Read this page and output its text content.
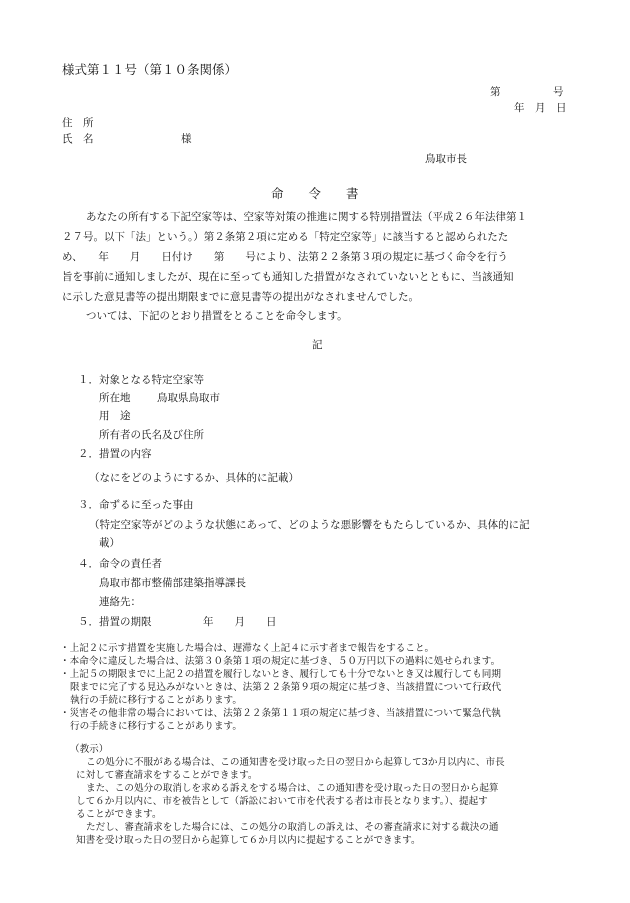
様式第１１号（第１０条関係）
第　　　　　号
年　月　日
住　所
氏　名	様
鳥取市長
命　　令　　書
あなたの所有する下記空家等は、空家等対策の推進に関する特別措置法（平成２６年法律第１
２７号。以下「法」という。）第２条第２項に定める「特定空家等」に該当すると認められたた
め、　　年　　月　　日付け　　第　　号により、法第２２条第３項の規定に基づく命令を行う
旨を事前に通知しましたが、現在に至っても通知した措置がなされていないとともに、当該通知
に示した意見書等の提出期限までに意見書等の提出がなされませんでした。
ついては、下記のとおり措置をとることを命令します。
記
１．対象となる特定空家等
所在地	鳥取県鳥取市
用　途
所有者の氏名及び住所
２．措置の内容
（なにをどのようにするか、具体的に記載）
３．命ずるに至った事由
（特定空家等がどのような状態にあって、どのような悪影響をもたらしているか、具体的に記
載）
４．命令の責任者
鳥取市都市整備部建築指導課長
連絡先：
５．措置の期限	年　　月　　日
・上記２に示す措置を実施した場合は、遅滞なく上記４に示す者まで報告をすること。
・本命令に違反した場合は、法第３０条第１項の規定に基づき、５０万円以下の過料に処せられます。
・上記５の期限までに上記２の措置を履行しないとき、履行しても十分でないとき又は履行しても同期
限までに完了する見込みがないときは、法第２２条第９項の規定に基づき、当該措置について行政代
執行の手続に移行することがあります。
・災害その他非常の場合においては、法第２２条第１１項の規定に基づき、当該措置について緊急代執
行の手続きに移行することがあります。
（教示）
この処分に不服がある場合は、この通知書を受け取った日の翌日から起算して3か月以内に、市長
に対して審査請求をすることができます。
また、この処分の取消しを求める訴えをする場合は、この通知書を受け取った日の翌日から起算
して６か月以内に、市を被告として（訴訟において市を代表する者は市長となります。）、提起す
ることができます。
ただし、審査請求をした場合には、この処分の取消しの訴えは、その審査請求に対する裁決の通
知書を受け取った日の翌日から起算して６か月以内に提起することができます。
